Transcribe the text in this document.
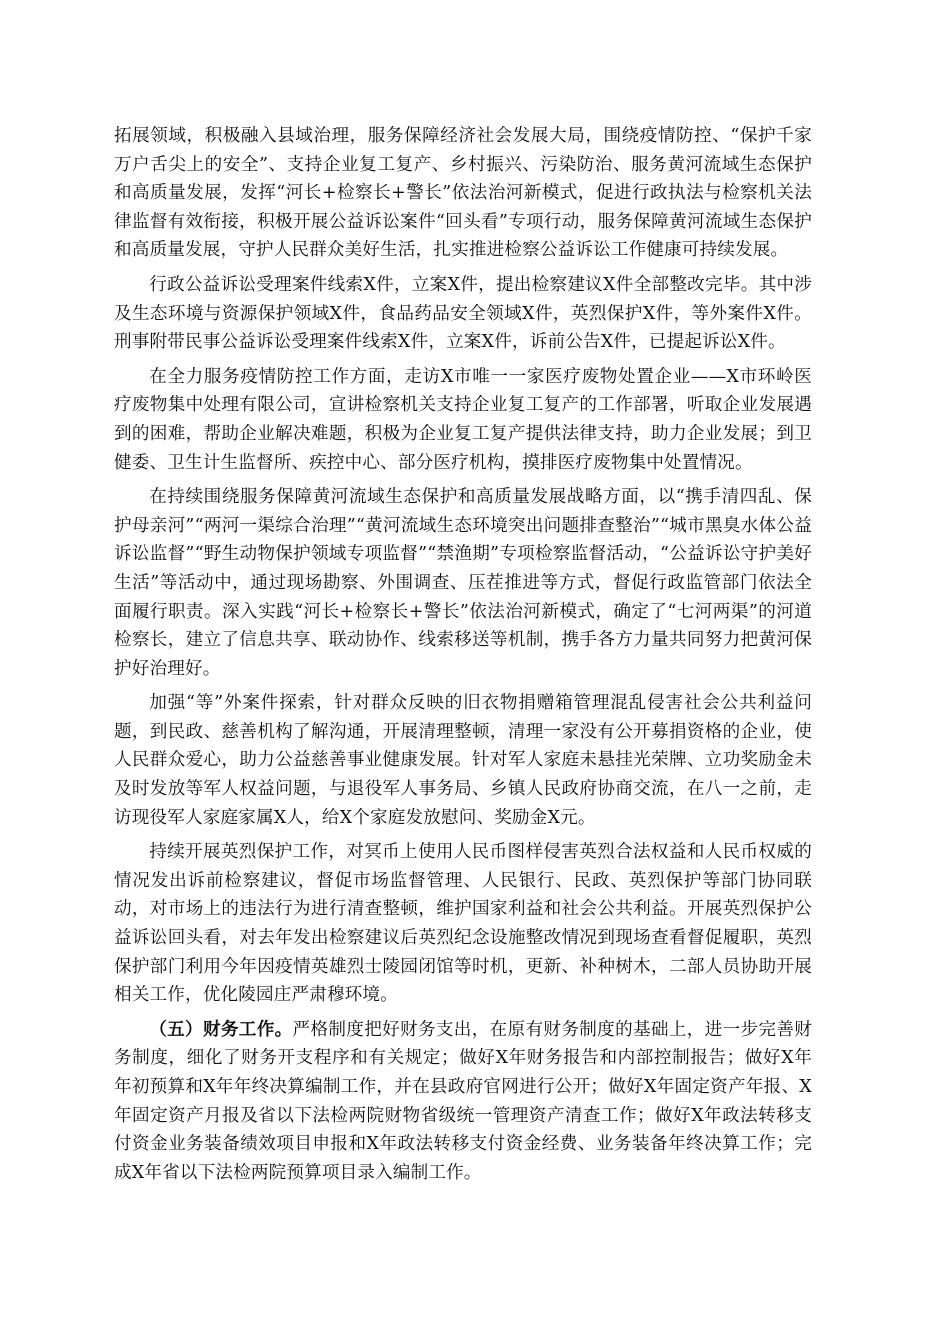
拓展领域，积极融入县域治理，服务保障经济社会发展大局，围绕疫情防控、“保护千家万户舌尖上的安全”、支持企业复工复产、乡村振兴、污染防治、服务黄河流域生态保护和高质量发展，发挥“河长+检察长+警长”依法治河新模式，促进行政执法与检察机关法律监督有效衔接，积极开展公益诉讼案件“回头看”专项行动，服务保障黄河流域生态保护和高质量发展，守护人民群众美好生活，扎实推进检察公益诉讼工作健康可持续发展。

行政公益诉讼受理案件线索X件，立案X件，提出检察建议X件全部整改完毕。其中涉及生态环境与资源保护领域X件，食品药品安全领域X件，英烈保护X件，等外案件X件。刑事附带民事公益诉讼受理案件线索X件，立案X件，诉前公告X件，已提起诉讼X件。

在全力服务疫情防控工作方面，走访X市唯一一家医疗废物处置企业——X市环岭医疗废物集中处理有限公司，宣讲检察机关支持企业复工复产的工作部署，听取企业发展遇到的困难，帮助企业解决难题，积极为企业复工复产提供法律支持，助力企业发展；到卫健委、卫生计生监督所、疾控中心、部分医疗机构，摸排医疗废物集中处置情况。

在持续围绕服务保障黄河流域生态保护和高质量发展战略方面，以“携手清四乱、保护母亲河”“两河一渠综合治理”“黄河流域生态环境突出问题排查整治”“城市黑臭水体公益诉讼监督”“野生动物保护领域专项监督”“禁渔期”专项检察监督活动，“公益诉讼守护美好生活”等活动中，通过现场勘察、外围调查、压茬推进等方式，督促行政监管部门依法全面履行职责。深入实践“河长+检察长+警长”依法治河新模式，确定了“七河两渠”的河道检察长，建立了信息共享、联动协作、线索移送等机制，携手各方力量共同努力把黄河保护好治理好。

加强“等”外案件探索，针对群众反映的旧衣物捐赠箱管理混乱侵害社会公共利益问题，到民政、慈善机构了解沟通，开展清理整顿，清理一家没有公开募捐资格的企业，使人民群众爱心，助力公益慈善事业健康发展。针对军人家庭未悬挂光荣牌、立功奖励金未及时发放等军人权益问题，与退役军人事务局、乡镇人民政府协商交流，在八一之前，走访现役军人家庭家属X人，给X个家庭发放慰问、奖励金X元。

持续开展英烈保护工作，对冥币上使用人民币图样侵害英烈合法权益和人民币权威的情况发出诉前检察建议，督促市场监督管理、人民银行、民政、英烈保护等部门协同联动，对市场上的违法行为进行清查整顿，维护国家利益和社会公共利益。开展英烈保护公益诉讼回头看，对去年发出检察建议后英烈纪念设施整改情况到现场查看督促履职，英烈保护部门利用今年因疫情英雄烈士陵园闭馆等时机，更新、补种树木，二部人员协助开展相关工作，优化陵园庄严肃穆环境。

（五）财务工作。严格制度把好财务支出，在原有财务制度的基础上，进一步完善财务制度，细化了财务开支程序和有关规定；做好X年财务报告和内部控制报告；做好X年年初预算和X年年终决算编制工作，并在县政府官网进行公开；做好X年固定资产年报、X年固定资产月报及省以下法检两院财物省级统一管理资产清查工作；做好X年政法转移支付资金业务装备绩效项目申报和X年政法转移支付资金经费、业务装备年终决算工作；完成X年省以下法检两院预算项目录入编制工作。
